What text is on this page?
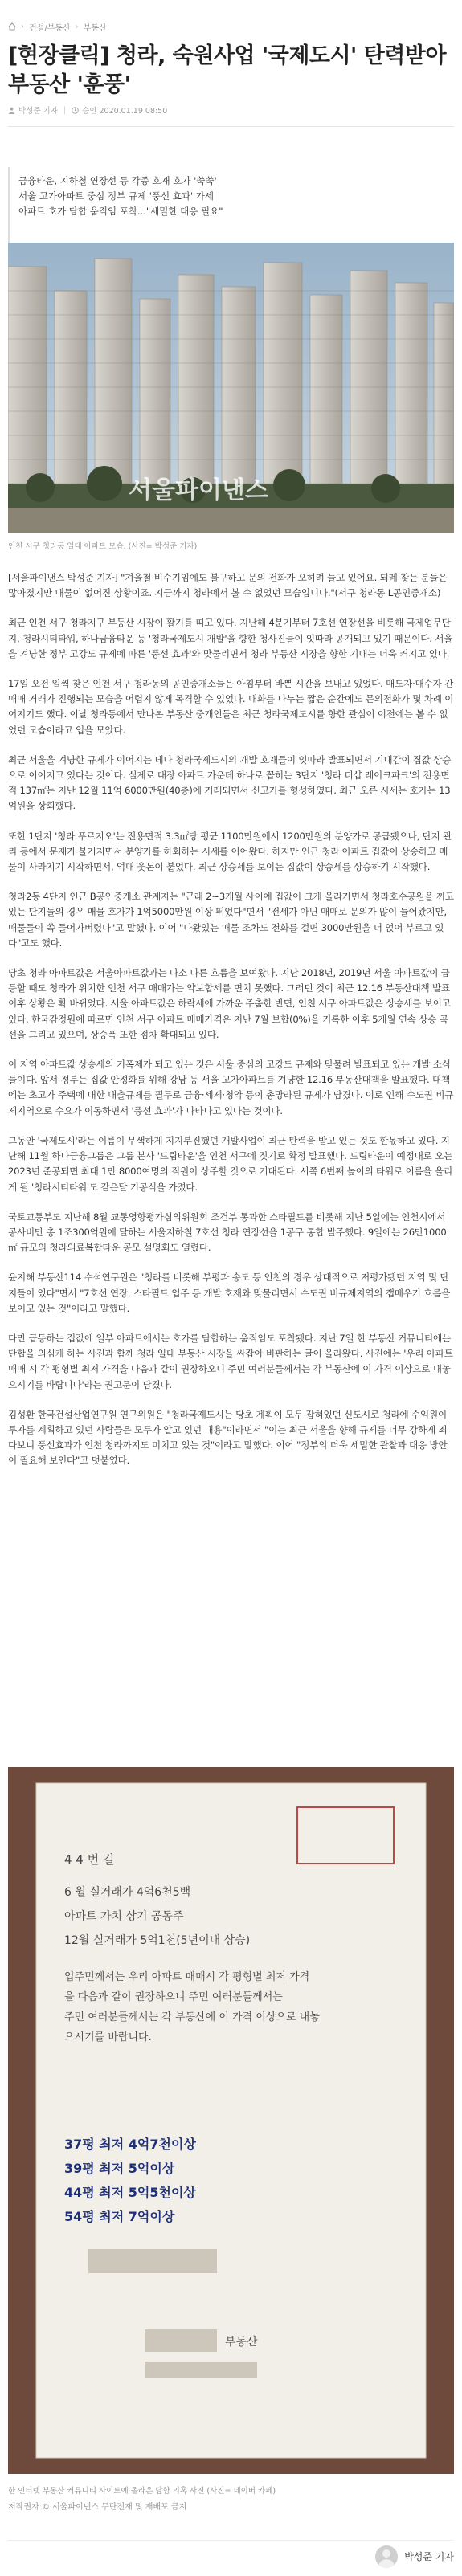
› 건설/부동산 › 부동산
[현장클릭] 청라, 숙원사업 '국제도시' 탄력받아 부동산 '훈풍'
박성준 기자 | 승인 2020.01.19 08:50

금융타운, 지하철 연장선 등 각종 호재 호가 '쑥쑥'

서울 고가아파트 중심 정부 규제 '풍선 효과' 가세

아파트 호가 담합 움직임 포착..."세밀한 대응 필요"

서울파이낸스
인천 서구 청라동 일대 아파트 모습. (사진= 박성준 기자)

[서울파이낸스 박성준 기자] "겨울철 비수기임에도 불구하고 문의 전화가 오히려 늘고 있어요. 되레 찾는 분들은 많아졌지만 매물이 없어진 상황이죠. 지금까지 청라에서 볼 수 없었던 모습입니다."(서구 청라동 L공인중개소)

최근 인천 서구 청라지구 부동산 시장이 활기를 띠고 있다. 지난해 4분기부터 7호선 연장선을 비롯해 국제업무단지, 청라시티타워, 하나금융타운 등 '청라국제도시 개발'을 향한 청사진들이 잇따라 공개되고 있기 때문이다. 서울을 겨냥한 정부 고강도 규제에 따른 '풍선 효과'와 맞물리면서 청라 부동산 시장을 향한 기대는 더욱 커지고 있다.

17일 오전 일찍 찾은 인천 서구 청라동의 공인중개소들은 아침부터 바쁜 시간을 보내고 있었다. 매도자·매수자 간 매매 거래가 진행되는 모습을 어렵지 않게 목격할 수 있었다. 대화를 나누는 짧은 순간에도 문의전화가 몇 차례 이어지기도 했다. 이날 청라동에서 만나본 부동산 중개인들은 최근 청라국제도시를 향한 관심이 이전에는 볼 수 없었던 모습이라고 입을 모았다.

최근 서울을 겨냥한 규제가 이어지는 데다 청라국제도시의 개발 호재들이 잇따라 발표되면서 기대감이 집값 상승으로 이어지고 있다는 것이다. 실제로 대장 아파트 가운데 하나로 꼽히는 3단지 '청라 더샵 레이크파크'의 전용면적 137㎡는 지난 12월 11억 6000만원(40층)에 거래되면서 신고가를 형성하였다. 최근 오른 시세는 호가는 13억원을 상회했다.

또한 1단지 '청라 푸르지오'는 전용면적 3.3㎡당 평균 1100만원에서 1200만원의 분양가로 공급됐으나, 단지 관리 등에서 문제가 불거지면서 분양가를 하회하는 시세를 이어왔다. 하지만 인근 청라 아파트 집값이 상승하고 매물이 사라지기 시작하면서, 억대 웃돈이 붙었다. 최근 상승세를 보이는 집값이 상승세를 상승하기 시작했다.

청라2동 4단지 인근 B공인중개소 관계자는 "근래 2~3개월 사이에 집값이 크게 올라가면서 청라호수공원을 끼고 있는 단지들의 경우 매물 호가가 1억5000만원 이상 뛰었다"면서 "전세가 아닌 매매로 문의가 많이 들어왔지만, 매물들이 쏙 들어가버렸다"고 말했다. 이어 "나왔있는 매물 조차도 전화를 걸면 3000만원을 더 얹어 부르고 있다"고도 했다.

당초 청라 아파트값은 서울아파트값과는 다소 다른 흐름을 보여왔다. 지난 2018년, 2019년 서울 아파트값이 급등할 때도 청라가 위치한 인천 서구 매매가는 약보합세를 면치 못했다. 그러던 것이 최근 12.16 부동산대책 발표 이후 상황은 확 바뀌었다. 서울 아파트값은 하락세에 가까운 주춤한 반면, 인천 서구 아파트값은 상승세를 보이고 있다. 한국감정원에 따르면 인천 서구 아파트 매매가격은 지난 7월 보합(0%)을 기록한 이후 5개월 연속 상승 곡선을 그리고 있으며, 상승폭 또한 점차 확대되고 있다.

이 지역 아파트값 상승세의 기폭제가 되고 있는 것은 서울 중심의 고강도 규제와 맞물려 발표되고 있는 개발 소식들이다. 앞서 정부는 집값 안정화를 위해 강남 등 서울 고가아파트를 겨냥한 12.16 부동산대책을 발표했다. 대책에는 초고가 주택에 대한 대출규제를 필두로 금융·세제·청약 등이 총망라된 규제가 담겼다. 이로 인해 수도권 비규제지역으로 수요가 이동하면서 '풍선 효과'가 나타나고 있다는 것이다.

그동안 '국제도시'라는 이름이 무색하게 지지부진했던 개발사업이 최근 탄력을 받고 있는 것도 한몫하고 있다. 지난해 11월 하나금융그룹은 그룹 본사 '드림타운'을 인천 서구에 짓기로 확정 발표했다. 드림타운이 예정대로 오는 2023년 준공되면 최대 1만 8000여명의 직원이 상주할 것으로 기대된다. 서쪽 6번째 높이의 타워로 이름을 올리게 될 '청라시티타워'도 같은달 기공식을 가졌다.

국토교통부도 지난해 8월 교통영향평가심의위원회 조건부 통과한 스타필드를 비롯해 지난 5일에는 인천시에서 공사비만 총 1조300억원에 달하는 서울지하철 7호선 청라 연장선을 1공구 통합 발주했다. 9일에는 26만1000㎡ 규모의 청라의료복합타운 공모 설명회도 열렸다.

윤지해 부동산114 수석연구원은 "청라를 비롯해 부평과 송도 등 인천의 경우 상대적으로 저평가됐던 지역 및 단지들이 있다"면서 "7호선 연장, 스타필드 입주 등 개발 호재와 맞물리면서 수도권 비규제지역의 갭메우기 흐름을 보이고 있는 것"이라고 말했다.

다만 급등하는 집값에 일부 아파트에서는 호가를 담합하는 움직임도 포착됐다. 지난 7일 한 부동산 커뮤니티에는 단합을 의심케 하는 사진과 함께 청라 일대 부동산 시장을 싸잡아 비판하는 글이 올라왔다. 사진에는 '우리 아파트 매매 시 각 평형별 최저 가격을 다음과 같이 권장하오니 주민 여러분들께서는 각 부동산에 이 가격 이상으로 내놓으시기를 바랍니다'라는 권고문이 담겼다.

김성환 한국건설산업연구원 연구위원은 "청라국제도시는 당초 계획이 모두 잡혀있던 신도시로 청라에 수익원이 투자를 계획하고 있던 사람들은 모두가 알고 있던 내용"이라면서 "이는 최근 서울을 향해 규제를 너무 강하게 죄다보니 풍선효과가 인천 청라까지도 미치고 있는 것"이라고 말했다. 이어 "정부의 더욱 세밀한 관찰과 대응 방안이 필요해 보인다"고 덧붙였다.

4 4 번 길
6 월 실거래가 4억6천5백
아파트 가치 상기 공동주
12월 실거래가 5억1천(5년이내 상승)
입주민께서는 우리 아파트 매매시 각 평형별 최저 가격
을 다음과 같이 권장하오니 주민 여러분들께서는
주민 여러분들께서는 각 부동산에 이 가격 이상으로 내놓
으시기를 바랍니다.
37평 최저 4억7천이상
39평 최저 5억이상
44평 최저 5억5천이상
54평 최저 7억이상
부동산
한 인터넷 부동산 커뮤니티 사이트에 올라온 담합 의혹 사진 (사진= 네이버 카페)
저작권자 © 서울파이낸스 무단전재 및 재배포 금지
박성준 기자
